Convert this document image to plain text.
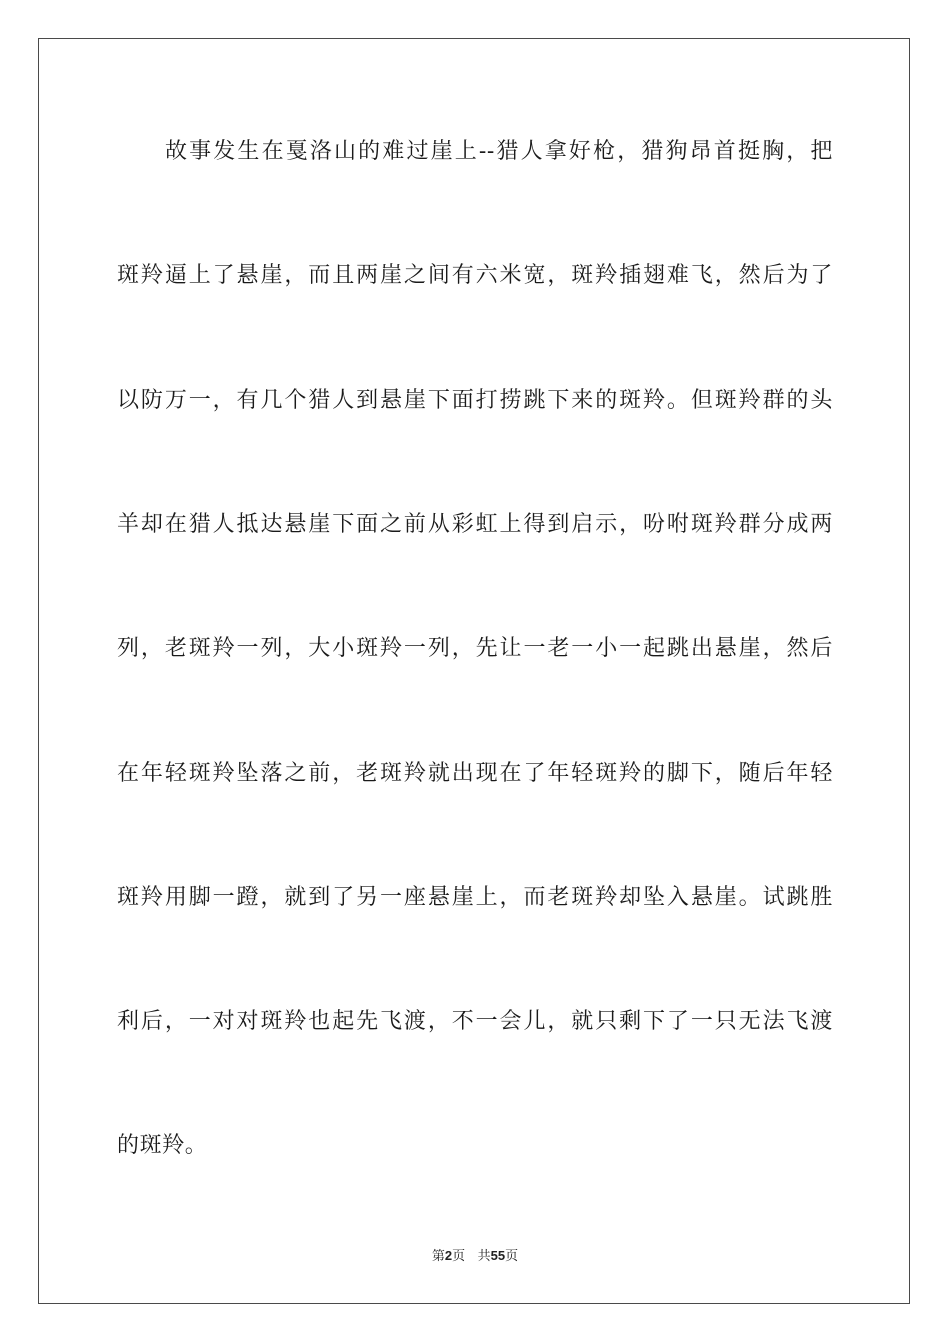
故事发生在戛洛山的难过崖上--猎人拿好枪，猎狗昂首挺胸，把
斑羚逼上了悬崖，而且两崖之间有六米宽，斑羚插翅难飞，然后为了
以防万一，有几个猎人到悬崖下面打捞跳下来的斑羚。但斑羚群的头
羊却在猎人抵达悬崖下面之前从彩虹上得到启示，吩咐斑羚群分成两
列，老斑羚一列，大小斑羚一列，先让一老一小一起跳出悬崖，然后
在年轻斑羚坠落之前，老斑羚就出现在了年轻斑羚的脚下，随后年轻
斑羚用脚一蹬，就到了另一座悬崖上，而老斑羚却坠入悬崖。试跳胜
利后，一对对斑羚也起先飞渡，不一会儿，就只剩下了一只无法飞渡
的斑羚。
第2页 共55页
